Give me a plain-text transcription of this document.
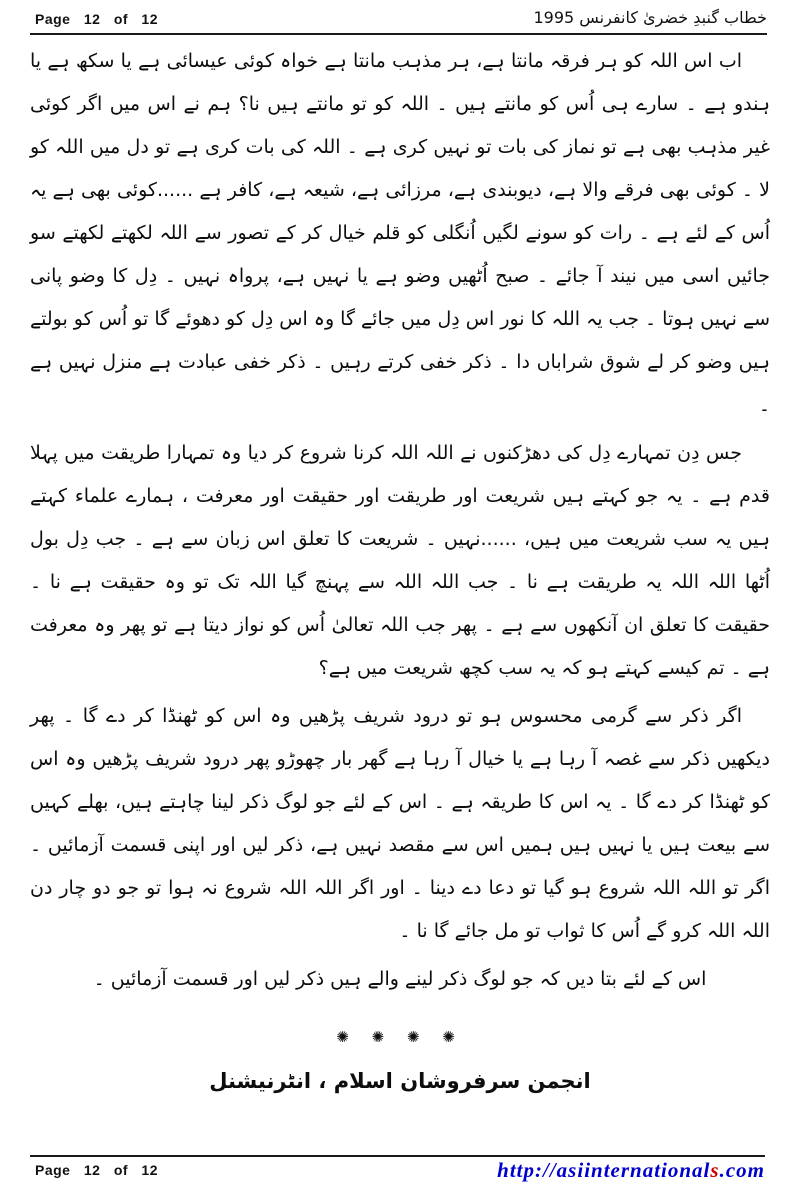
Page 12 of 12	خطاب گنبدِ خضریٰ کانفرنس 1995

اب اس اللہ کو ہر فرقہ مانتا ہے، ہر مذہب مانتا ہے خواہ کوئی عیسائی ہے یا سکھ ہے یا ہندو ہے ۔ سارے ہی اُس کو مانتے ہیں ۔ اللہ کو تو مانتے ہیں نا؟ ہم نے اس میں اگر کوئی غیر مذہب بھی ہے تو نماز کی بات تو نہیں کری ہے ۔ اللہ کی بات کری ہے تو دل میں اللہ کو لا ۔ کوئی بھی فرقے والا ہے، دیوبندی ہے، مرزائی ہے، شیعہ ہے، کافر ہے ......کوئی بھی ہے یہ اُس کے لئے ہے ۔ رات کو سونے لگیں اُنگلی کو قلم خیال کر کے تصور سے اللہ لکھتے لکھتے سو جائیں اسی میں نیند آ جائے ۔ صبح اُٹھیں وضو ہے یا نہیں ہے، پرواہ نہیں ۔ دِل کا وضو پانی سے نہیں ہوتا ۔ جب یہ اللہ کا نور اس دِل میں جائے گا وہ اس دِل کو دھوئے گا تو اُس کو بولتے ہیں وضو کر لے شوق شراباں دا ۔ ذکر خفی کرتے رہیں ۔ ذکر خفی عبادت ہے منزل نہیں ہے ۔

جس دِن تمہارے دِل کی دھڑکنوں نے اللہ اللہ کرنا شروع کر دیا وہ تمہارا طریقت میں پہلا قدم ہے ۔ یہ جو کہتے ہیں شریعت اور طریقت اور حقیقت اور معرفت ، ہمارے علماء کہتے ہیں یہ سب شریعت میں ہیں، ......نہیں ۔ شریعت کا تعلق اس زبان سے ہے ۔ جب دِل بول اُٹھا اللہ اللہ یہ طریقت ہے نا ۔ جب اللہ اللہ سے پہنچ گیا اللہ تک تو وہ حقیقت ہے نا ۔ حقیقت کا تعلق ان آنکھوں سے ہے ۔ پھر جب اللہ تعالیٰ اُس کو نواز دیتا ہے تو پھر وہ معرفت ہے ۔ تم کیسے کہتے ہو کہ یہ سب کچھ شریعت میں ہے؟

اگر ذکر سے گرمی محسوس ہو تو درود شریف پڑھیں وہ اس کو ٹھنڈا کر دے گا ۔ پھر دیکھیں ذکر سے غصہ آ رہا ہے یا خیال آ رہا ہے گھر بار چھوڑو پھر درود شریف پڑھیں وہ اس کو ٹھنڈا کر دے گا ۔ یہ اس کا طریقہ ہے ۔ اس کے لئے جو لوگ ذکر لینا چاہتے ہیں، بھلے کہیں سے بیعت ہیں یا نہیں ہیں ہمیں اس سے مقصد نہیں ہے، ذکر لیں اور اپنی قسمت آزمائیں ۔ اگر تو اللہ اللہ شروع ہو گیا تو دعا دے دینا ۔ اور اگر اللہ اللہ شروع نہ ہوا تو جو دو چار دن اللہ اللہ کرو گے اُس کا ثواب تو مل جائے گا نا ۔

اس کے لئے بتا دیں کہ جو لوگ ذکر لینے والے ہیں ذکر لیں اور قسمت آزمائیں ۔

✺ ✺ ✺ ✺
انجمن سرفروشان اسلام ، انٹرنیشنل
Page 12 of 12	http://asiinternationals.com
